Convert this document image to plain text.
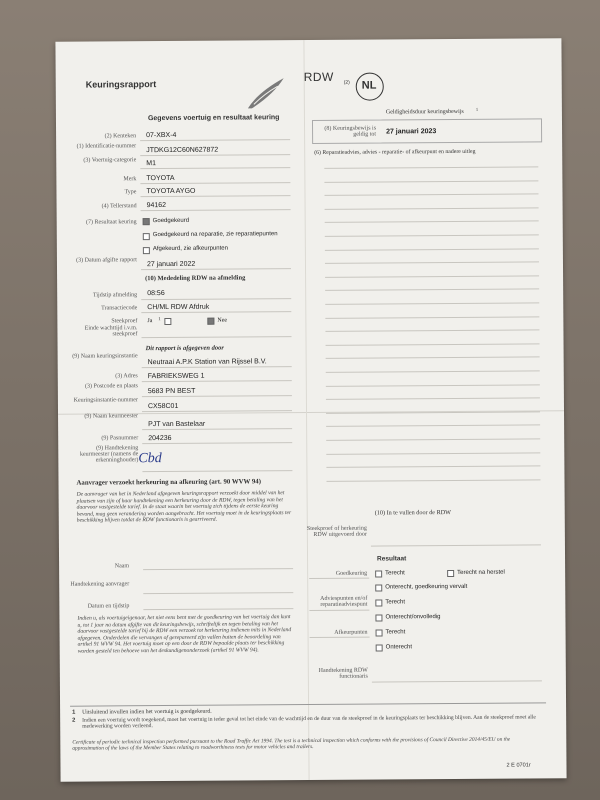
Keuringsrapport
RDW (2) NL
Gegevens voertuig en resultaat keuring
Geldigheidsduur keuringsbewijs	1
(8) Keuringsbewijs is geldig tot 27 januari 2023
(6) Reparatieadvies, advies - reparatie- of afkeurpunt en nadere uitleg
(2) Kenteken 07-XBX-4
(1) Identificatie-nummer
JTDKG12C60N627872
(3) Voertuig-categorie M1
Merk TOYOTA
Type TOYOTA AYGO
(4) Tellerstand 94162
(7) Resultaat keuring	Goedgekeurd
Goedgekeurd na reparatie, zie reparatiepunten
Afgekeurd, zie afkeurpunten
(3) Datum afgifte rapport
27 januari 2022
(10) Mededeling RDW na afmelding
Tijdstip afmelding 08:56
Transactiecode CH/ML RDW Afdruk
Steekproef Ja 1	Nee
Einde wachttijd i.v.m. steekproef
Dit rapport is afgegeven door
(9) Naam keuringsinstantie
Neutraai A.P.K Station van Rijssel B.V.
(3) Adres FABRIEKSWEG 1
(3) Postcode en plaats
5683 PN BEST
Keuringsinstantie-nummer
CX58C01
(9) Naam keurmeester
PJT van Bastelaar
(9) Pasnummer 204236
(9) Handtekening keurmeester (namens de erkenninghouder) Cbd
Aanvrager verzoekt herkeuring na afkeuring (art. 90 WVW 94)
De aanvrager van het in Nederland afgegeven keuringsrapport verzoekt door middel van het plaatsen van zijn of haar handtekening een herkeuring door de RDW, tegen betaling van het daarvoor vastgestelde tarief. In de staat waarin het voertuig zich tijdens de eerste keuring bevond, mag geen verandering worden aangebracht. Het voertuig moet in de keuringsplaats ter beschikking blijven totdat de RDW functionaris is gearriveerd.
Naam
Handtekening aanvrager
Datum en tijdstip
Indien u, als voertuigeigenaar, het niet eens bent met de goedkeuring van het voertuig dan kunt u, tot 1 jaar na datum afgifte van dit keuringsbewijs, schriftelijk en tegen betaling van het daarvoor vastgestelde tarief bij de RDW een verzoek tot herkeuring indienen mits in Nederland afgegeven. Onderdelen die vervangen of gerepareerd zijn vallen buiten de beoordeling van artikel 91 WVW 94. Het voertuig moet op een door de RDW bepaalde plaats ter beschikking worden gesteld ten behoeve van het deskundigenonderzoek (artikel 91 WVW 94).
(10) In te vullen door de RDW
Steekproef of herkeuring RDW uitgevoerd door
Resultaat
Goedkeuring	Terecht	Terecht na herstel
Onterecht, goedkeuring vervalt
Adviespunten en/of reparatieadviespunt	Terecht
Onterecht/onvolledig
Afkeurpunten	Terecht
Onterecht
Handtekening RDW functionaris
1 Uitsluitend invullen indien het voertuig is goedgekeurd.
2 Indien een voertuig wordt toegekend, moet het voertuig in ieder geval tot het einde van de wachttijd en de duur van de steekproef in de keuringsplaats ter beschikking blijven. Aan de steekproef moet alle medewerking worden verleend.
Certificate of periodic technical inspection performed pursuant to the Road Traffic Act 1994. The test is a technical inspection which conforms with the provisions of Council Directive 2014/45/EU on the approximation of the laws of the Member States relating to roadworthiness tests for motor vehicles and trailers.
2 E 0701r
